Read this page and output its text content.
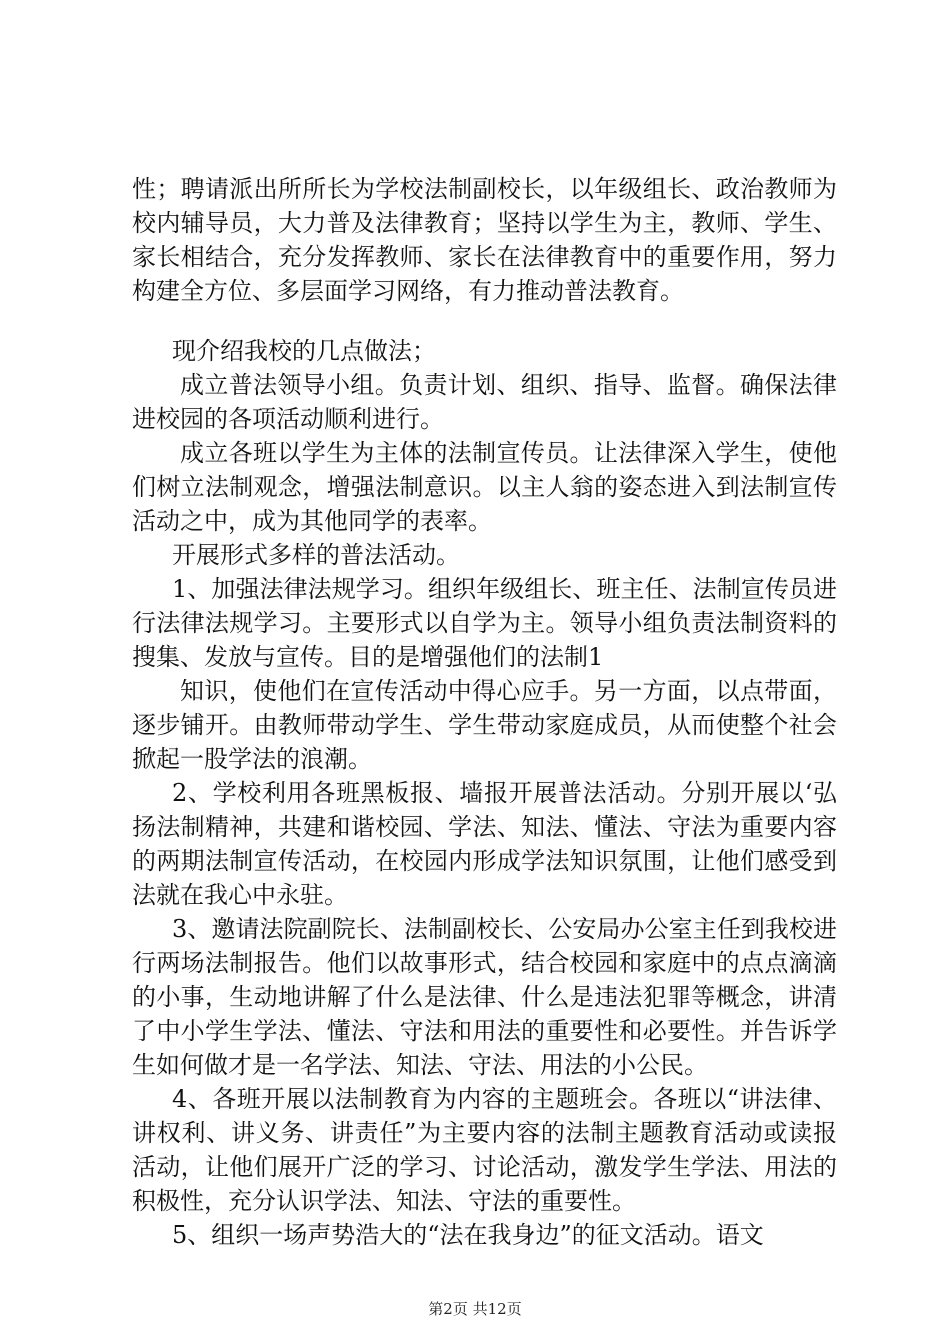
性；聘请派出所所长为学校法制副校长，以年级组长、政治教师为校内辅导员，大力普及法律教育；坚持以学生为主，教师、学生、家长相结合，充分发挥教师、家长在法律教育中的重要作用，努力构建全方位、多层面学习网络，有力推动普法教育。

现介绍我校的几点做法；

成立普法领导小组。负责计划、组织、指导、监督。确保法律进校园的各项活动顺利进行。

成立各班以学生为主体的法制宣传员。让法律深入学生，使他们树立法制观念，增强法制意识。以主人翁的姿态进入到法制宣传活动之中，成为其他同学的表率。

开展形式多样的普法活动。

1、加强法律法规学习。组织年级组长、班主任、法制宣传员进行法律法规学习。主要形式以自学为主。领导小组负责法制资料的搜集、发放与宣传。目的是增强他们的法制1

知识，使他们在宣传活动中得心应手。另一方面，以点带面，逐步铺开。由教师带动学生、学生带动家庭成员，从而使整个社会掀起一股学法的浪潮。

2、学校利用各班黑板报、墙报开展普法活动。分别开展以‘弘扬法制精神，共建和谐校园、学法、知法、懂法、守法为重要内容的两期法制宣传活动，在校园内形成学法知识氛围，让他们感受到法就在我心中永驻。

3、邀请法院副院长、法制副校长、公安局办公室主任到我校进行两场法制报告。他们以故事形式，结合校园和家庭中的点点滴滴的小事，生动地讲解了什么是法律、什么是违法犯罪等概念，讲清了中小学生学法、懂法、守法和用法的重要性和必要性。并告诉学生如何做才是一名学法、知法、守法、用法的小公民。

4、各班开展以法制教育为内容的主题班会。各班以“讲法律、讲权利、讲义务、讲责任”为主要内容的法制主题教育活动或读报活动，让他们展开广泛的学习、讨论活动，激发学生学法、用法的积极性，充分认识学法、知法、守法的重要性。

5、组织一场声势浩大的“法在我身边”的征文活动。语文

第2页 共12页
